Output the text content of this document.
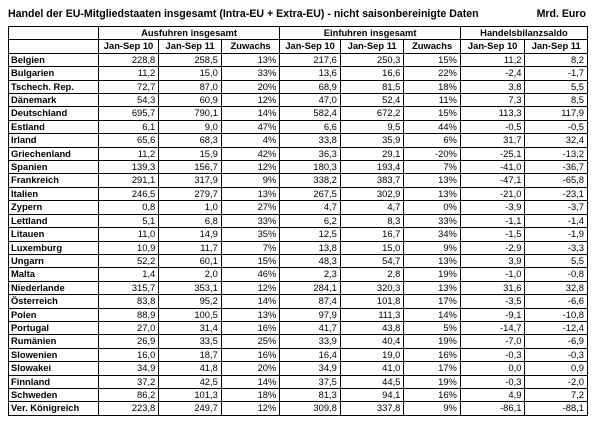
Handel der EU-Mitgliedstaaten insgesamt (Intra-EU + Extra-EU) - nicht saisonbereinigte Daten	Mrd. Euro
	Ausfuhren insgesamt			Einfuhren insgesamt			Handelsbilanzsaldo	
	Jan-Sep 10	Jan-Sep 11	Zuwachs	Jan-Sep 10	Jan-Sep 11	Zuwachs	Jan-Sep 10	Jan-Sep 11
Belgien	228,8	258,5	13%	217,6	250,3	15%	11,2	8,2
Bulgarien	11,2	15,0	33%	13,6	16,6	22%	-2,4	-1,7
Tschech. Rep.	72,7	87,0	20%	68,9	81,5	18%	3,8	5,5
Dänemark	54,3	60,9	12%	47,0	52,4	11%	7,3	8,5
Deutschland	695,7	790,1	14%	582,4	672,2	15%	113,3	117,9
Estland	6,1	9,0	47%	6,6	9,5	44%	-0,5	-0,5
Irland	65,6	68,3	4%	33,8	35,9	6%	31,7	32,4
Griechenland	11,2	15,9	42%	36,3	29,1	-20%	-25,1	-13,2
Spanien	139,3	156,7	12%	180,3	193,4	7%	-41,0	-36,7
Frankreich	291,1	317,9	9%	338,2	383,7	13%	-47,1	-65,8
Italien	246,5	279,7	13%	267,5	302,9	13%	-21,0	-23,1
Zypern	0,8	1,0	27%	4,7	4,7	0%	-3,9	-3,7
Lettland	5,1	6,8	33%	6,2	8,3	33%	-1,1	-1,4
Litauen	11,0	14,9	35%	12,5	16,7	34%	-1,5	-1,9
Luxemburg	10,9	11,7	7%	13,8	15,0	9%	-2,9	-3,3
Ungarn	52,2	60,1	15%	48,3	54,7	13%	3,9	5,5
Malta	1,4	2,0	46%	2,3	2,8	19%	-1,0	-0,8
Niederlande	315,7	353,1	12%	284,1	320,3	13%	31,6	32,8
Österreich	83,8	95,2	14%	87,4	101,8	17%	-3,5	-6,6
Polen	88,9	100,5	13%	97,9	111,3	14%	-9,1	-10,8
Portugal	27,0	31,4	16%	41,7	43,8	5%	-14,7	-12,4
Rumänien	26,9	33,5	25%	33,9	40,4	19%	-7,0	-6,9
Slowenien	16,0	18,7	16%	16,4	19,0	16%	-0,3	-0,3
Slowakei	34,9	41,8	20%	34,9	41,0	17%	0,0	0,9
Finnland	37,2	42,5	14%	37,5	44,5	19%	-0,3	-2,0
Schweden	86,2	101,3	18%	81,3	94,1	16%	4,9	7,2
Ver. Königreich	223,8	249,7	12%	309,8	337,8	9%	-86,1	-88,1
